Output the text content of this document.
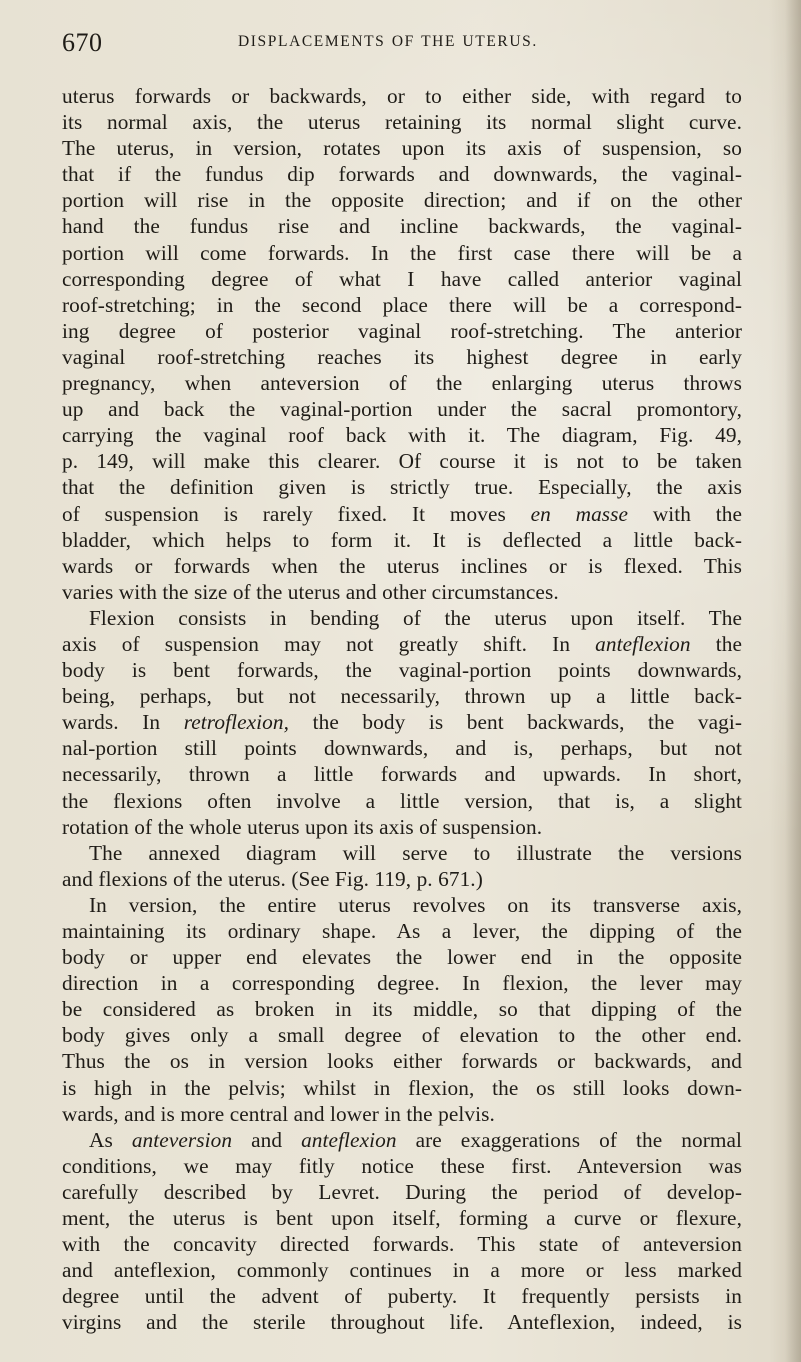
670	DISPLACEMENTS OF THE UTERUS.
uterus forwards or backwards, or to either side, with regard to
its normal axis, the uterus retaining its normal slight curve.
The uterus, in version, rotates upon its axis of suspension, so
that if the fundus dip forwards and downwards, the vaginal-
portion will rise in the opposite direction; and if on the other
hand the fundus rise and incline backwards, the vaginal-
portion will come forwards. In the first case there will be a
corresponding degree of what I have called anterior vaginal
roof-stretching; in the second place there will be a correspond-
ing degree of posterior vaginal roof-stretching. The anterior
vaginal roof-stretching reaches its highest degree in early
pregnancy, when anteversion of the enlarging uterus throws
up and back the vaginal-portion under the sacral promontory,
carrying the vaginal roof back with it. The diagram, Fig. 49,
p. 149, will make this clearer. Of course it is not to be taken
that the definition given is strictly true. Especially, the axis
of suspension is rarely fixed. It moves en masse with the
bladder, which helps to form it. It is deflected a little back-
wards or forwards when the uterus inclines or is flexed. This
varies with the size of the uterus and other circumstances.
Flexion consists in bending of the uterus upon itself. The
axis of suspension may not greatly shift. In anteflexion the
body is bent forwards, the vaginal-portion points downwards,
being, perhaps, but not necessarily, thrown up a little back-
wards. In retroflexion, the body is bent backwards, the vagi-
nal-portion still points downwards, and is, perhaps, but not
necessarily, thrown a little forwards and upwards. In short,
the flexions often involve a little version, that is, a slight
rotation of the whole uterus upon its axis of suspension.
The annexed diagram will serve to illustrate the versions
and flexions of the uterus. (See Fig. 119, p. 671.)
In version, the entire uterus revolves on its transverse axis,
maintaining its ordinary shape. As a lever, the dipping of the
body or upper end elevates the lower end in the opposite
direction in a corresponding degree. In flexion, the lever may
be considered as broken in its middle, so that dipping of the
body gives only a small degree of elevation to the other end.
Thus the os in version looks either forwards or backwards, and
is high in the pelvis; whilst in flexion, the os still looks down-
wards, and is more central and lower in the pelvis.
As anteversion and anteflexion are exaggerations of the normal
conditions, we may fitly notice these first. Anteversion was
carefully described by Levret. During the period of develop-
ment, the uterus is bent upon itself, forming a curve or flexure,
with the concavity directed forwards. This state of anteversion
and anteflexion, commonly continues in a more or less marked
degree until the advent of puberty. It frequently persists in
virgins and the sterile throughout life. Anteflexion, indeed, is
